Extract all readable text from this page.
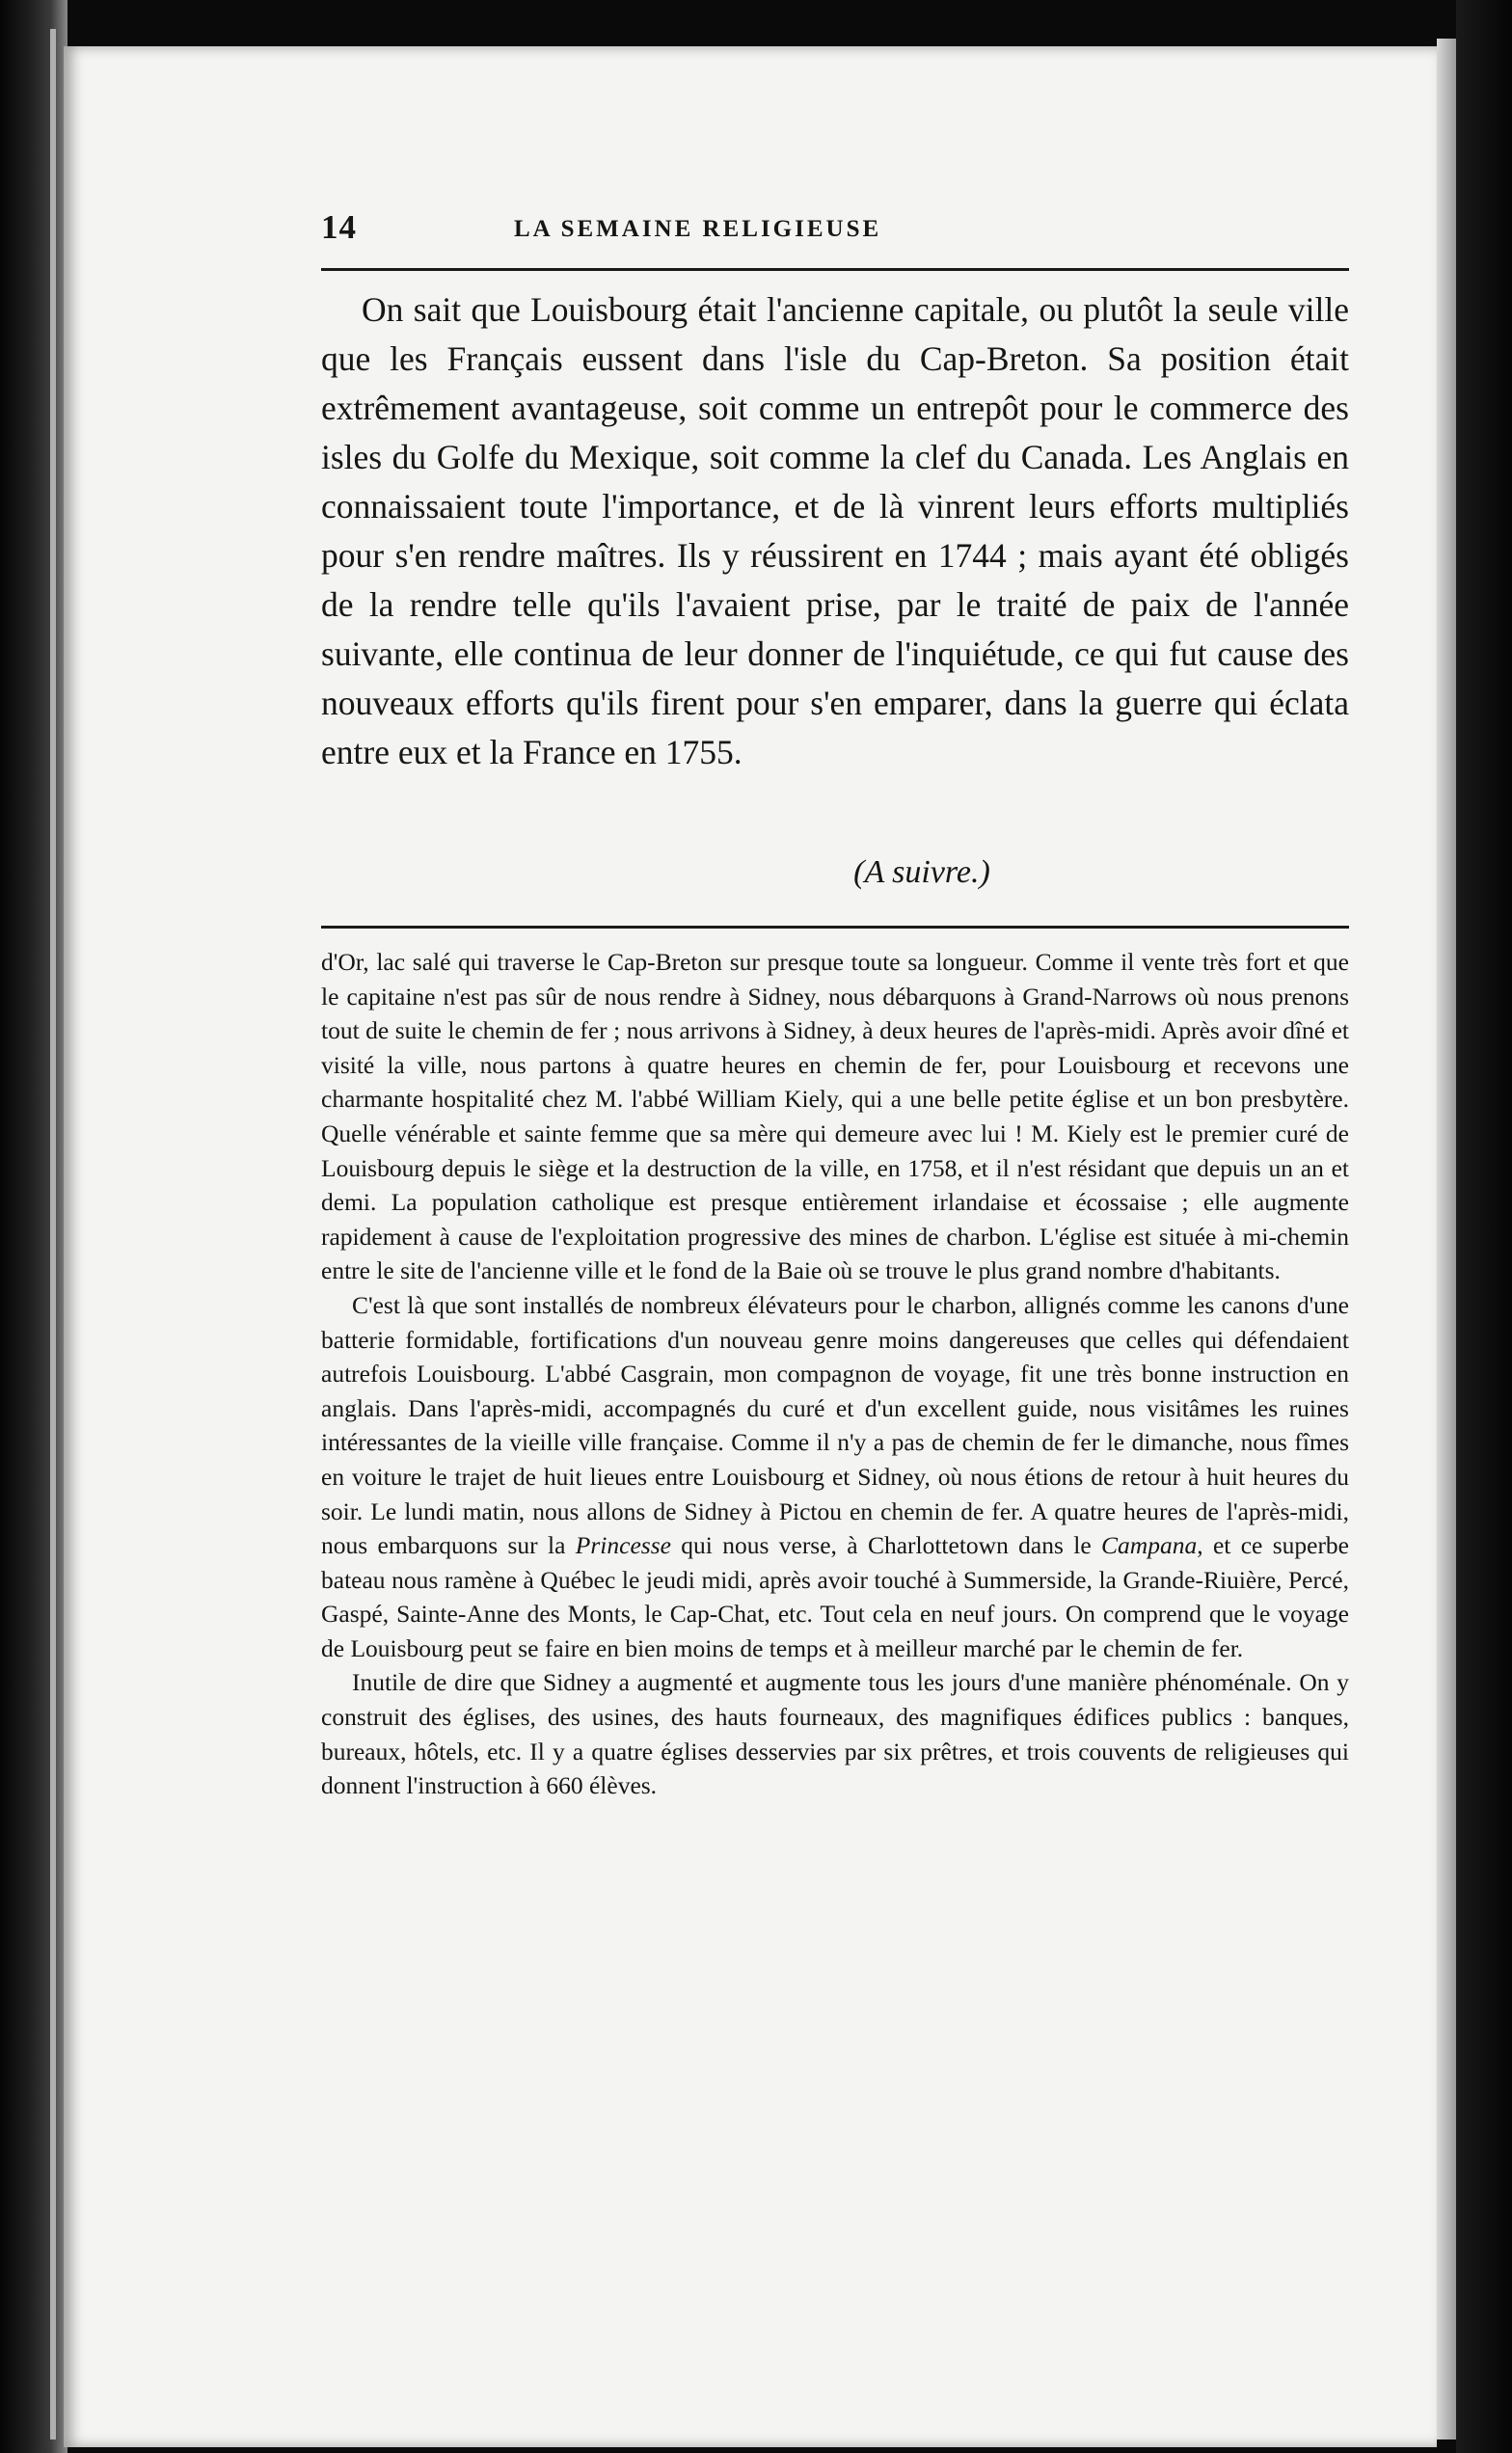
14	LA SEMAINE RELIGIEUSE

On sait que Louisbourg était l'ancienne capitale, ou plutôt la seule ville que les Français eussent dans l'isle du Cap-Breton. Sa position était extrêmement avantageuse, soit comme un entrepôt pour le commerce des isles du Golfe du Mexique, soit comme la clef du Canada. Les Anglais en connaissaient toute l'importance, et de là vinrent leurs efforts multipliés pour s'en rendre maîtres. Ils y réussirent en 1744 ; mais ayant été obligés de la rendre telle qu'ils l'avaient prise, par le traité de paix de l'année suivante, elle continua de leur donner de l'inquiétude, ce qui fut cause des nouveaux efforts qu'ils firent pour s'en emparer, dans la guerre qui éclata entre eux et la France en 1755.

(A suivre.)

d'Or, lac salé qui traverse le Cap-Breton sur presque toute sa longueur. Comme il vente très fort et que le capitaine n'est pas sûr de nous rendre à Sidney, nous débarquons à Grand-Narrows où nous prenons tout de suite le chemin de fer ; nous arrivons à Sidney, à deux heures de l'après-midi. Après avoir dîné et visité la ville, nous partons à quatre heures en chemin de fer, pour Louisbourg et recevons une charmante hospitalité chez M. l'abbé William Kiely, qui a une belle petite église et un bon presbytère. Quelle vénérable et sainte femme que sa mère qui demeure avec lui ! M. Kiely est le premier curé de Louisbourg depuis le siège et la destruction de la ville, en 1758, et il n'est résidant que depuis un an et demi. La population catholique est presque entièrement irlandaise et écossaise ; elle augmente rapidement à cause de l'exploitation progressive des mines de charbon. L'église est située à mi-chemin entre le site de l'ancienne ville et le fond de la Baie où se trouve le plus grand nombre d'habitants.

C'est là que sont installés de nombreux élévateurs pour le charbon, allignés comme les canons d'une batterie formidable, fortifications d'un nouveau genre moins dangereuses que celles qui défendaient autrefois Louisbourg. L'abbé Casgrain, mon compagnon de voyage, fit une très bonne instruction en anglais. Dans l'après-midi, accompagnés du curé et d'un excellent guide, nous visitâmes les ruines intéressantes de la vieille ville française. Comme il n'y a pas de chemin de fer le dimanche, nous fîmes en voiture le trajet de huit lieues entre Louisbourg et Sidney, où nous étions de retour à huit heures du soir. Le lundi matin, nous allons de Sidney à Pictou en chemin de fer. A quatre heures de l'après-midi, nous embarquons sur la Princesse qui nous verse, à Charlottetown dans le Campana, et ce superbe bateau nous ramène à Québec le jeudi midi, après avoir touché à Summerside, la Grande-Riuière, Percé, Gaspé, Sainte-Anne des Monts, le Cap-Chat, etc. Tout cela en neuf jours. On comprend que le voyage de Louisbourg peut se faire en bien moins de temps et à meilleur marché par le chemin de fer.

Inutile de dire que Sidney a augmenté et augmente tous les jours d'une manière phénoménale. On y construit des églises, des usines, des hauts fourneaux, des magnifiques édifices publics : banques, bureaux, hôtels, etc. Il y a quatre églises desservies par six prêtres, et trois couvents de religieuses qui donnent l'instruction à 660 élèves.
